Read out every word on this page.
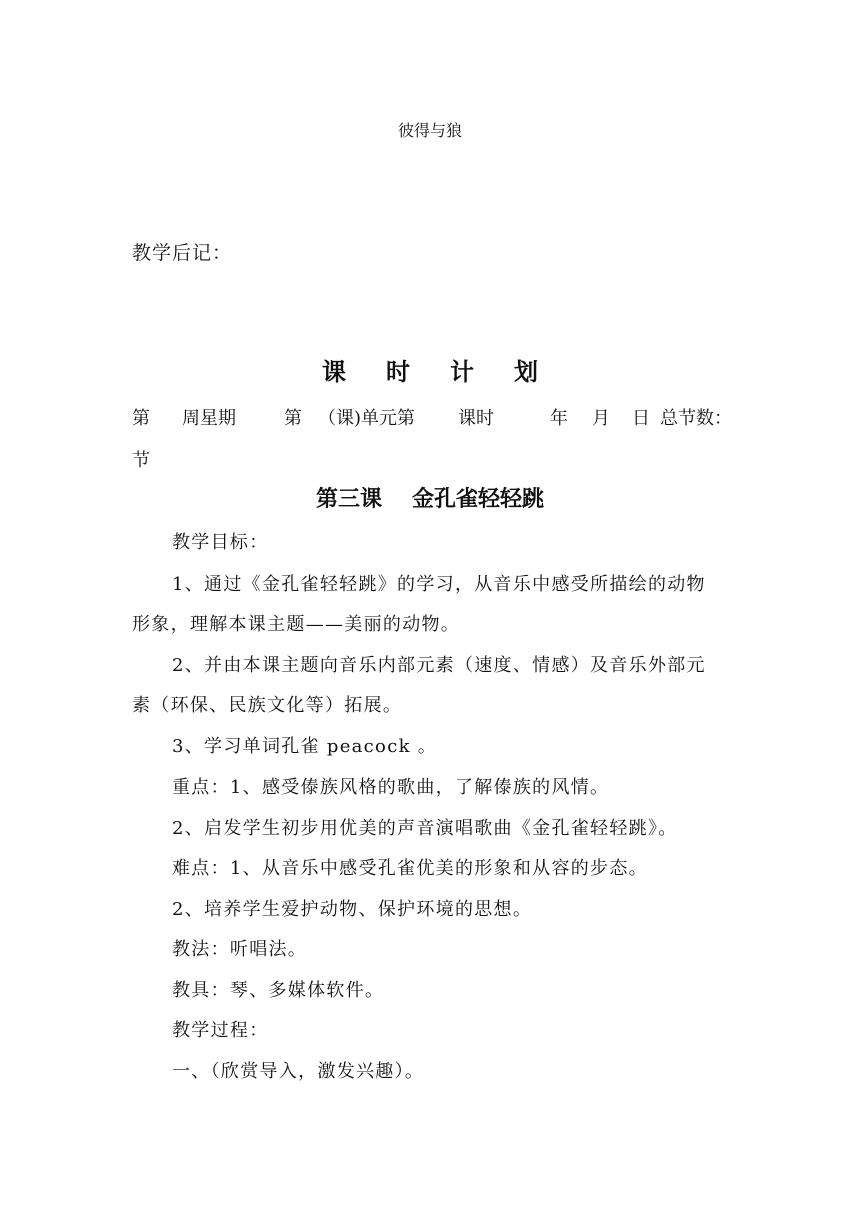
彼得与狼
教学后记：
课 时 计 划
第 周星期	第 （课)单元第 课时	年 月 日 总节数：
节
第三课 金孔雀轻轻跳
教学目标：
1、通过《金孔雀轻轻跳》的学习，从音乐中感受所描绘的动物
形象，理解本课主题——美丽的动物。
2、并由本课主题向音乐内部元素（速度、情感）及音乐外部元
素（环保、民族文化等）拓展。
3、学习单词孔雀 peacock 。
重点：1、感受傣族风格的歌曲，了解傣族的风情。
2、启发学生初步用优美的声音演唱歌曲《金孔雀轻轻跳》。
难点：1、从音乐中感受孔雀优美的形象和从容的步态。
2、培养学生爱护动物、保护环境的思想。
教法：听唱法。
教具：琴、多媒体软件。
教学过程：
一、（欣赏导入，激发兴趣）。
